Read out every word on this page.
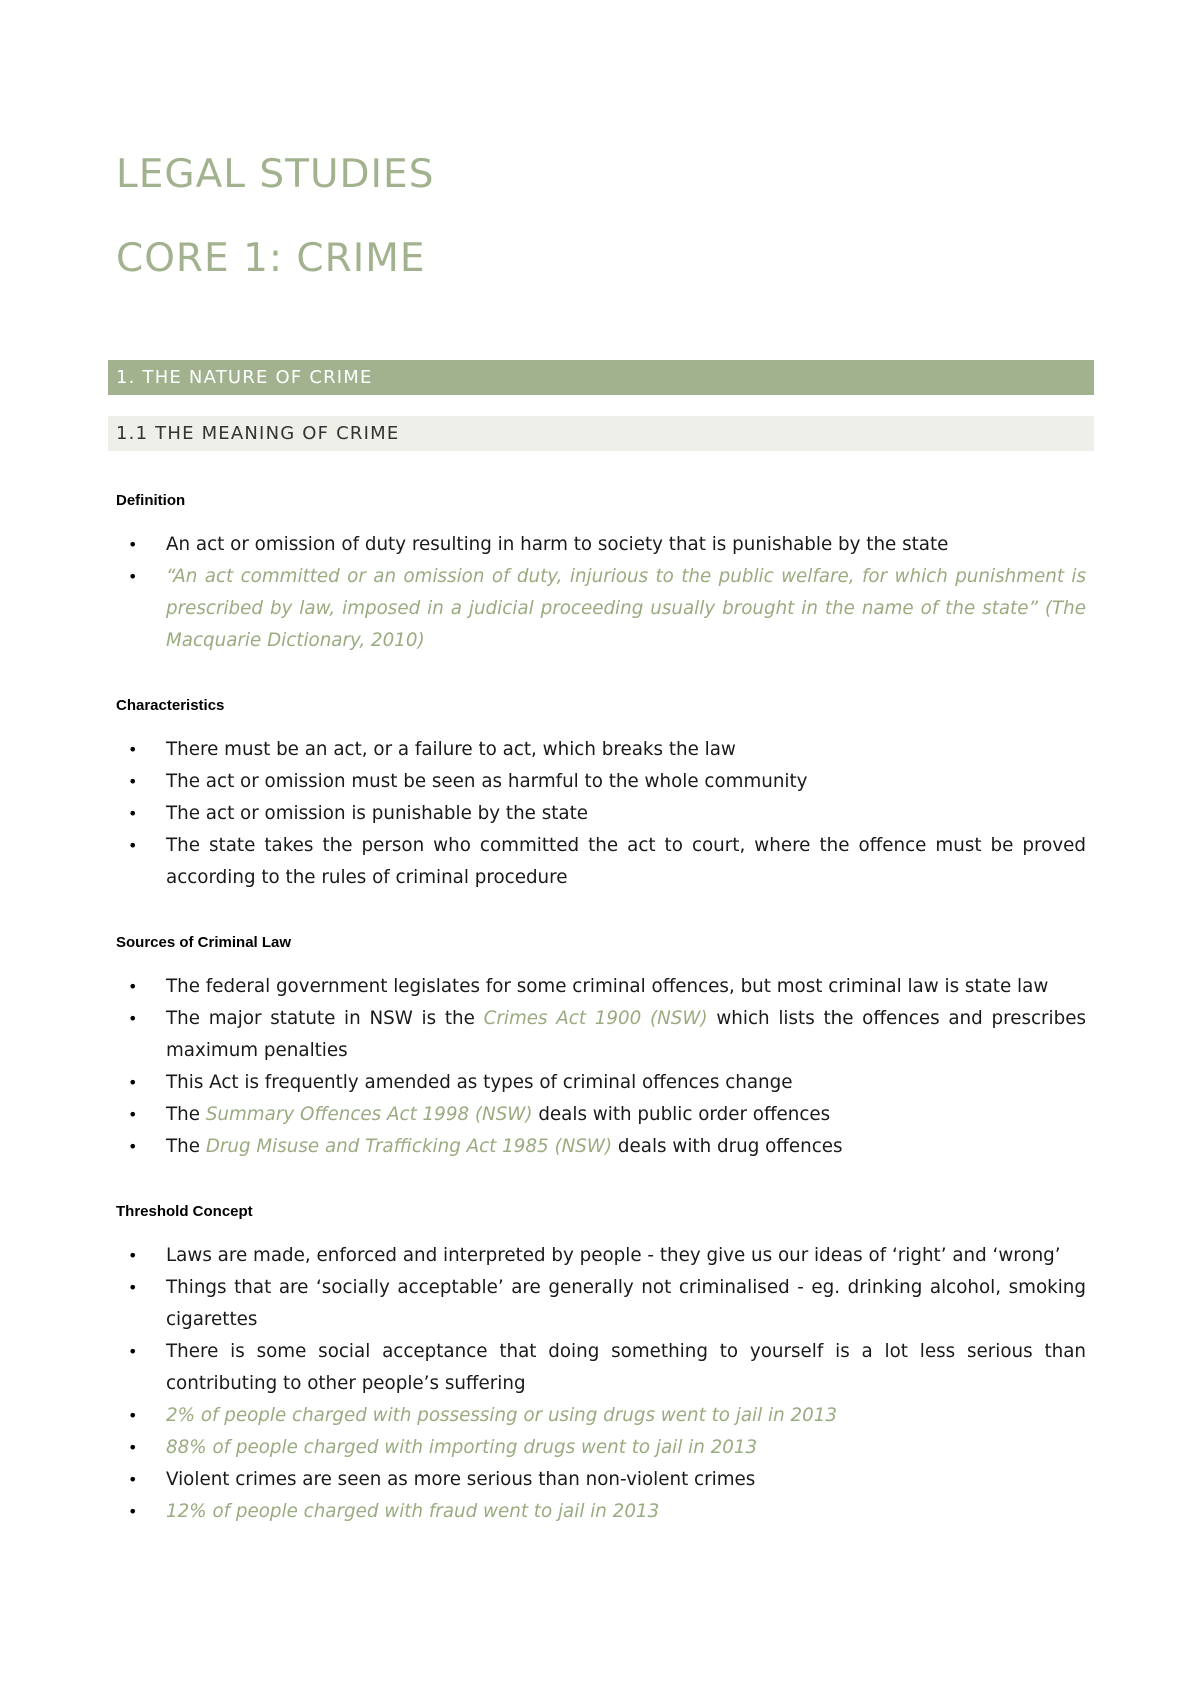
LEGAL STUDIES
CORE 1: CRIME
1. THE NATURE OF CRIME
1.1 THE MEANING OF CRIME
Definition
• An act or omission of duty resulting in harm to society that is punishable by the state
• “An act committed or an omission of duty, injurious to the public welfare, for which punishment is prescribed by law, imposed in a judicial proceeding usually brought in the name of the state” (The Macquarie Dictionary, 2010)
Characteristics
• There must be an act, or a failure to act, which breaks the law
• The act or omission must be seen as harmful to the whole community
• The act or omission is punishable by the state
• The state takes the person who committed the act to court, where the offence must be proved according to the rules of criminal procedure
Sources of Criminal Law
• The federal government legislates for some criminal offences, but most criminal law is state law
• The major statute in NSW is the Crimes Act 1900 (NSW) which lists the offences and prescribes maximum penalties
• This Act is frequently amended as types of criminal offences change
• The Summary Offences Act 1998 (NSW) deals with public order offences
• The Drug Misuse and Trafficking Act 1985 (NSW) deals with drug offences
Threshold Concept
• Laws are made, enforced and interpreted by people - they give us our ideas of ‘right’ and ‘wrong’
• Things that are ‘socially acceptable’ are generally not criminalised - eg. drinking alcohol, smoking cigarettes
• There is some social acceptance that doing something to yourself is a lot less serious than contributing to other people’s suffering
• 2% of people charged with possessing or using drugs went to jail in 2013
• 88% of people charged with importing drugs went to jail in 2013
• Violent crimes are seen as more serious than non-violent crimes
• 12% of people charged with fraud went to jail in 2013
